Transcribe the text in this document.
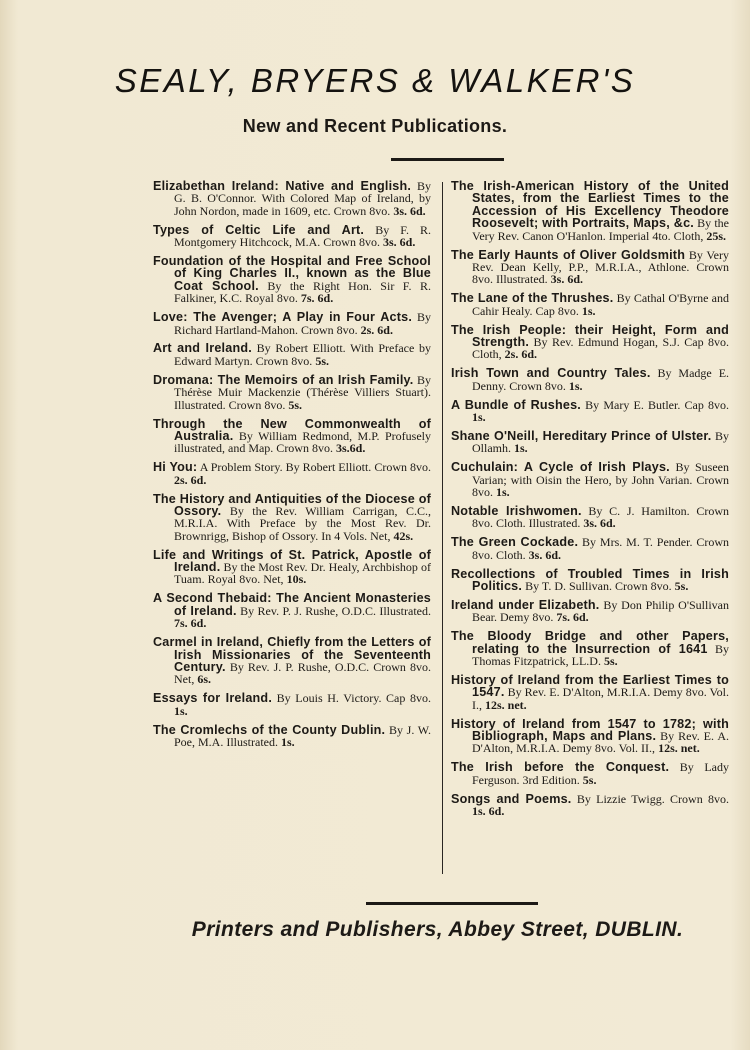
SEALY, BRYERS & WALKER'S
New and Recent Publications.

Elizabethan Ireland: Native and English. By G. B. O'Connor. With Colored Map of Ireland, by John Nordon, made in 1609, etc. Crown 8vo. 3s. 6d.

Types of Celtic Life and Art. By F. R. Montgomery Hitchcock, M.A. Crown 8vo. 3s. 6d.

Foundation of the Hospital and Free School of King Charles II., known as the Blue Coat School. By the Right Hon. Sir F. R. Falkiner, K.C. Royal 8vo. 7s. 6d.

Love: The Avenger; A Play in Four Acts. By Richard Hartland-Mahon. Crown 8vo. 2s. 6d.

Art and Ireland. By Robert Elliott. With Preface by Edward Martyn. Crown 8vo. 5s.

Dromana: The Memoirs of an Irish Family. By Thérèse Muir Mackenzie (Thérèse Villiers Stuart). Illustrated. Crown 8vo. 5s.

Through the New Commonwealth of Australia. By William Redmond, M.P. Profusely illustrated, and Map. Crown 8vo. 3s.6d.

Hi You: A Problem Story. By Robert Elliott. Crown 8vo. 2s. 6d.

The History and Antiquities of the Diocese of Ossory. By the Rev. William Carrigan, C.C., M.R.I.A. With Preface by the Most Rev. Dr. Brownrigg, Bishop of Ossory. In 4 Vols. Net, 42s.

Life and Writings of St. Patrick, Apostle of Ireland. By the Most Rev. Dr. Healy, Archbishop of Tuam. Royal 8vo. Net, 10s.

A Second Thebaid: The Ancient Monasteries of Ireland. By Rev. P. J. Rushe, O.D.C. Illustrated. 7s. 6d.

Carmel in Ireland, Chiefly from the Letters of Irish Missionaries of the Seventeenth Century. By Rev. J. P. Rushe, O.D.C. Crown 8vo. Net, 6s.

Essays for Ireland. By Louis H. Victory. Cap 8vo. 1s.

The Cromlechs of the County Dublin. By J. W. Poe, M.A. Illustrated. 1s.

The Irish-American History of the United States, from the Earliest Times to the Accession of His Excellency Theodore Roosevelt; with Portraits, Maps, &c. By the Very Rev. Canon O'Hanlon. Imperial 4to. Cloth, 25s.

The Early Haunts of Oliver Goldsmith By Very Rev. Dean Kelly, P.P., M.R.I.A., Athlone. Crown 8vo. Illustrated. 3s. 6d.

The Lane of the Thrushes. By Cathal O'Byrne and Cahir Healy. Cap 8vo. 1s.

The Irish People: their Height, Form and Strength. By Rev. Edmund Hogan, S.J. Cap 8vo. Cloth, 2s. 6d.

Irish Town and Country Tales. By Madge E. Denny. Crown 8vo. 1s.

A Bundle of Rushes. By Mary E. Butler. Cap 8vo. 1s.

Shane O'Neill, Hereditary Prince of Ulster. By Ollamh. 1s.

Cuchulain: A Cycle of Irish Plays. By Suseen Varian; with Oisin the Hero, by John Varian. Crown 8vo. 1s.

Notable Irishwomen. By C. J. Hamilton. Crown 8vo. Cloth. Illustrated. 3s. 6d.

The Green Cockade. By Mrs. M. T. Pender. Crown 8vo. Cloth. 3s. 6d.

Recollections of Troubled Times in Irish Politics. By T. D. Sullivan. Crown 8vo. 5s.

Ireland under Elizabeth. By Don Philip O'Sullivan Bear. Demy 8vo. 7s. 6d.

The Bloody Bridge and other Papers, relating to the Insurrection of 1641 By Thomas Fitzpatrick, LL.D. 5s.

History of Ireland from the Earliest Times to 1547. By Rev. E. D'Alton, M.R.I.A. Demy 8vo. Vol. I., 12s. net.

History of Ireland from 1547 to 1782; with Bibliograph, Maps and Plans. By Rev. E. A. D'Alton, M.R.I.A. Demy 8vo. Vol. II., 12s. net.

The Irish before the Conquest. By Lady Ferguson. 3rd Edition. 5s.

Songs and Poems. By Lizzie Twigg. Crown 8vo. 1s. 6d.

Printers and Publishers, Abbey Street, DUBLIN.
